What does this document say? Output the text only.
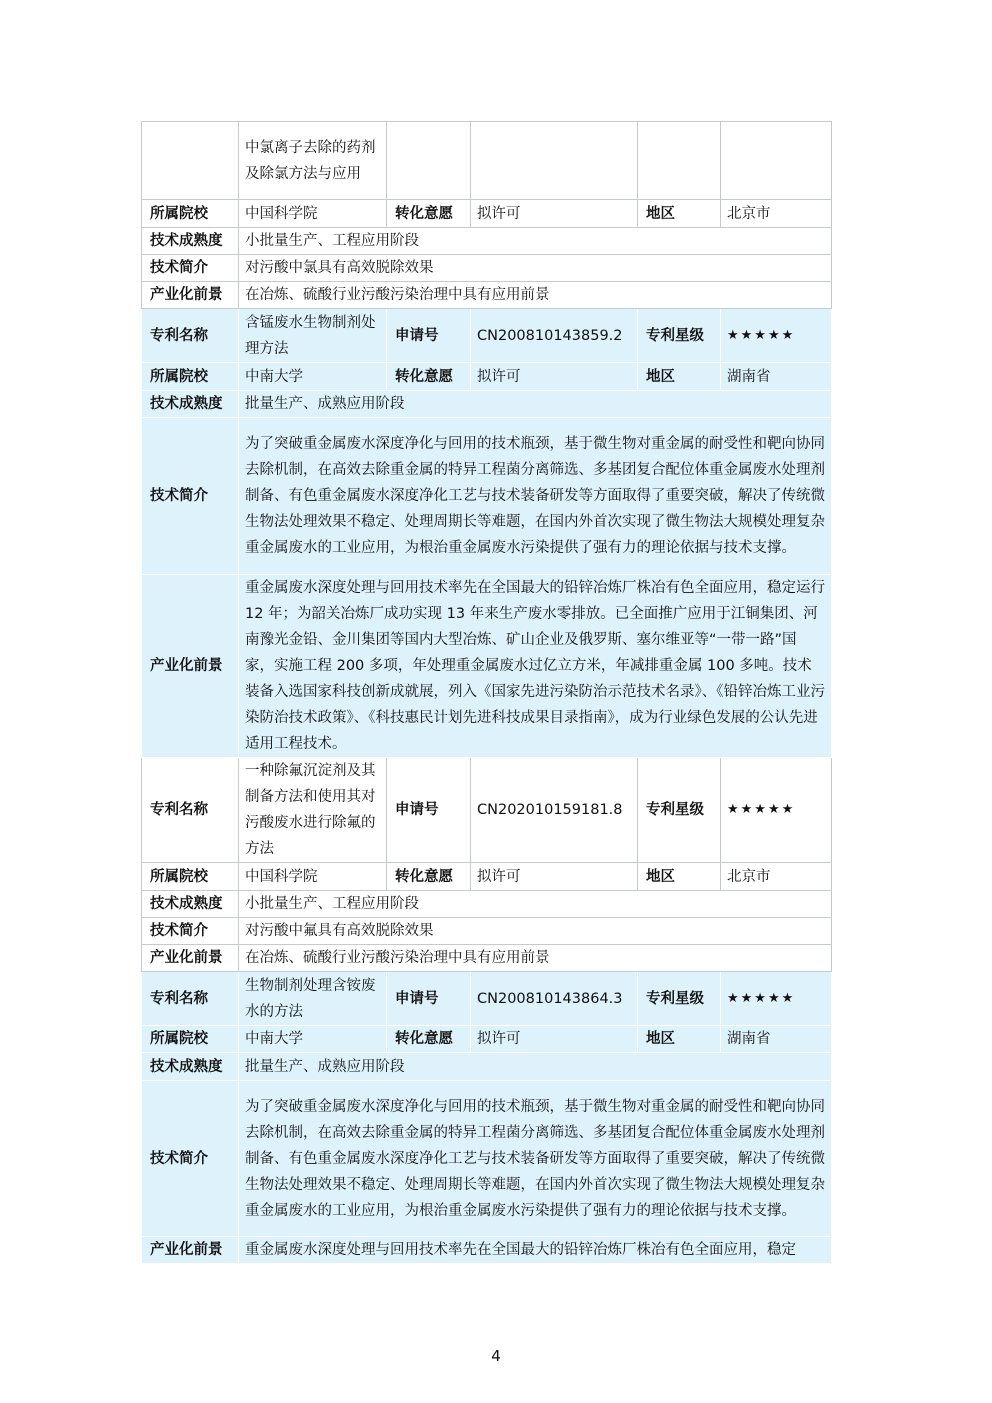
	中氯离子去除的药剂及除氯方法与应用				
所属院校	中国科学院	转化意愿	拟许可	地区	北京市
技术成熟度	小批量生产、工程应用阶段				
技术简介	对污酸中氯具有高效脱除效果				
产业化前景	在冶炼、硫酸行业污酸污染治理中具有应用前景				
专利名称	含锰废水生物制剂处理方法	申请号	CN200810143859.2	专利星级	★★★★★
所属院校	中南大学	转化意愿	拟许可	地区	湖南省
技术成熟度	批量生产、成熟应用阶段				
技术简介	为了突破重金属废水深度净化与回用的技术瓶颈，基于微生物对重金属的耐受性和靶向协同去除机制，在高效去除重金属的特异工程菌分离筛选、多基团复合配位体重金属废水处理剂制备、有色重金属废水深度净化工艺与技术装备研发等方面取得了重要突破，解决了传统微生物法处理效果不稳定、处理周期长等难题，在国内外首次实现了微生物法大规模处理复杂重金属废水的工业应用，为根治重金属废水污染提供了强有力的理论依据与技术支撑。				
产业化前景	重金属废水深度处理与回用技术率先在全国最大的铅锌冶炼厂株冶有色全面应用，稳定运行 12 年；为韶关冶炼厂成功实现 13 年来生产废水零排放。已全面推广应用于江铜集团、河南豫光金铅、金川集团等国内大型冶炼、矿山企业及俄罗斯、塞尔维亚等“一带一路”国家，实施工程 200 多项，年处理重金属废水过亿立方米，年减排重金属 100 多吨。技术装备入选国家科技创新成就展，列入《国家先进污染防治示范技术名录》、《铅锌冶炼工业污染防治技术政策》、《科技惠民计划先进科技成果目录指南》，成为行业绿色发展的公认先进适用工程技术。				
专利名称	一种除氟沉淀剂及其制备方法和使用其对污酸废水进行除氟的方法	申请号	CN202010159181.8	专利星级	★★★★★
所属院校	中国科学院	转化意愿	拟许可	地区	北京市
技术成熟度	小批量生产、工程应用阶段				
技术简介	对污酸中氟具有高效脱除效果				
产业化前景	在冶炼、硫酸行业污酸污染治理中具有应用前景				
专利名称	生物制剂处理含铵废水的方法	申请号	CN200810143864.3	专利星级	★★★★★
所属院校	中南大学	转化意愿	拟许可	地区	湖南省
技术成熟度	批量生产、成熟应用阶段				
技术简介	为了突破重金属废水深度净化与回用的技术瓶颈，基于微生物对重金属的耐受性和靶向协同去除机制，在高效去除重金属的特异工程菌分离筛选、多基团复合配位体重金属废水处理剂制备、有色重金属废水深度净化工艺与技术装备研发等方面取得了重要突破，解决了传统微生物法处理效果不稳定、处理周期长等难题，在国内外首次实现了微生物法大规模处理复杂重金属废水的工业应用，为根治重金属废水污染提供了强有力的理论依据与技术支撑。				
产业化前景	重金属废水深度处理与回用技术率先在全国最大的铅锌冶炼厂株冶有色全面应用，稳定				
4
